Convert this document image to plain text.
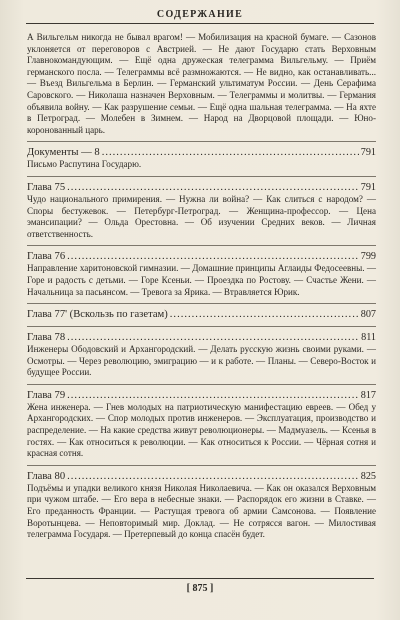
СОДЕРЖАНИЕ
А Вильгельм никогда не бывал врагом! — Мобилизация на красной бумаге. — Сазонов уклоняется от переговоров с Австрией. — Не дают Государю стать Верховным Главнокомандующим. — Ещё одна дружеская телеграмма Вильгельму. — Приём германского посла. — Телеграммы всё размножаются. — Не видно, как останавливать... — Въезд Вильгельма в Берлин. — Германский ультиматум России. — День Серафима Саровского. — Николаша назначен Верховным. — Телеграммы и молитвы. — Германия объявила войну. — Как разрушение семьи. — Ещё одна шальная телеграмма. — На яхте в Петроград. — Молебен в Зимнем. — Народ на Дворцовой площади. — Юно-коронованный царь.
Документы — 8 .....	791
Письмо Распутина Государю.
Глава 75 .....	791
Чудо национального примирения. — Нужна ли война? — Как слиться с народом? — Споры бестужевок. — Петербург-Петроград. — Женщина-профессор. — Цена эмансипации? — Ольда Орестовна. — Об изучении Средних веков. — Личная ответственность.
Глава 76 .....	799
Направление харитоновской гимназии. — Домашние принципы Аглаиды Федосеевны. — Горе и радость с детьми. — Горе Ксеньи. — Проездка по Ростову. — Счастье Жени. — Начальница за пасьянсом. — Тревога за Ярика. — Втравляется Юрик.
Глава 77' (Вскользь по газетам) .....	807
Глава 78 .....	811
Инженеры Ободовский и Архангородский. — Делать русскую жизнь своими руками. — Осмотры. — Через революцию, эмиграцию — и к работе. — Планы. — Северо-Восток и будущее России.
Глава 79 .....	817
Жена инженера. — Гнев молодых на патриотическую манифестацию евреев. — Обед у Архангородских. — Спор молодых против инженеров. — Эксплуатация, производство и распределение. — На какие средства живут революционеры. — Мадмуазель. — Ксенья в гостях. — Как относиться к революции. — Как относиться к России. — Чёрная сотня и красная сотня.
Глава 80 .....	825
Подъёмы и упадки великого князя Николая Николаевича. — Как он оказался Верховным при чужом штабе. — Его вера в небесные знаки. — Распорядок его жизни в Ставке. — Его преданность Франции. — Растущая тревога об армии Самсонова. — Появление Воротынцева. — Неповторимый мир. Доклад. — Не сотрясся вагон. — Милостивая телеграмма Государя. — Претерпевый до конца спасён будет.
[ 875 ]
